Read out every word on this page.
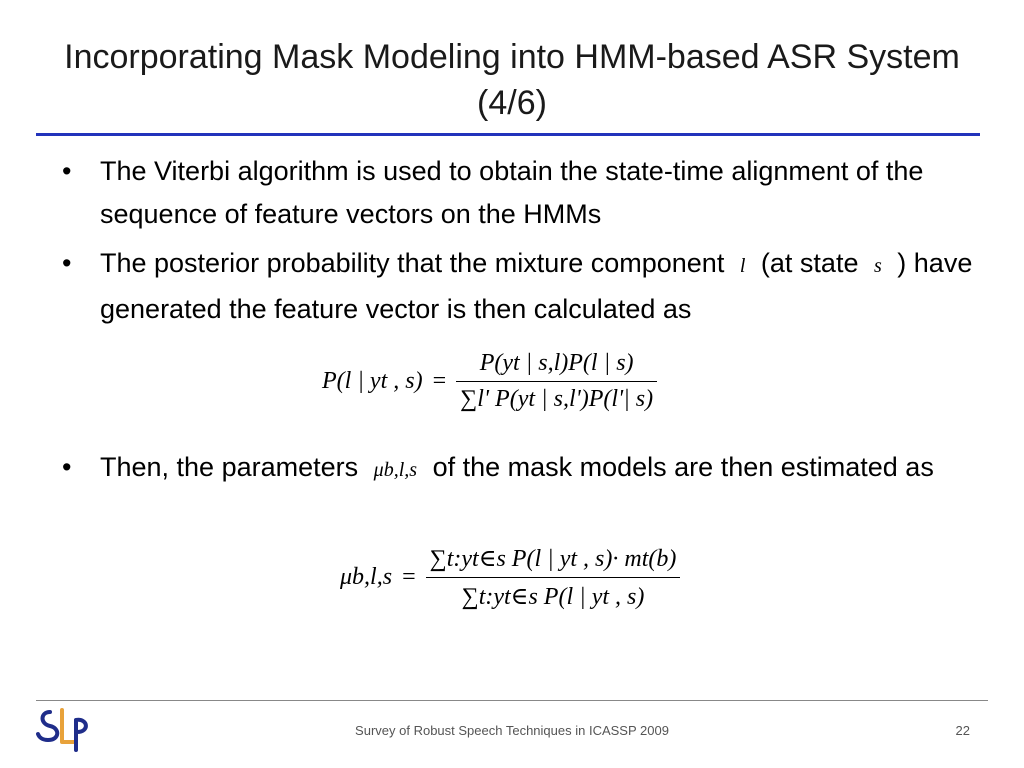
Incorporating Mask Modeling into HMM-based ASR System (4/6)
•	The Viterbi algorithm is used to obtain the state-time alignment of the sequence of feature vectors on the HMMs
•	The posterior probability that the mixture component l (at state s ) have generated the feature vector is then calculated as
P(l | yt , $s) = \frac{P(yt | s,l)P(l | s)}{\sum l' P(yt | s,l')P(l'| s)}$
•	Then, the parameters μb,l,s of the mask models are then estimated as
$\mu b,l,s = \frac{\text{∑t:yt∈s P(l | yt , s)· mt(b)}}{\text{∑t:yt∈s P(l | yt , s)}}$
Survey of Robust Speech Techniques in ICASSP 2009	22
